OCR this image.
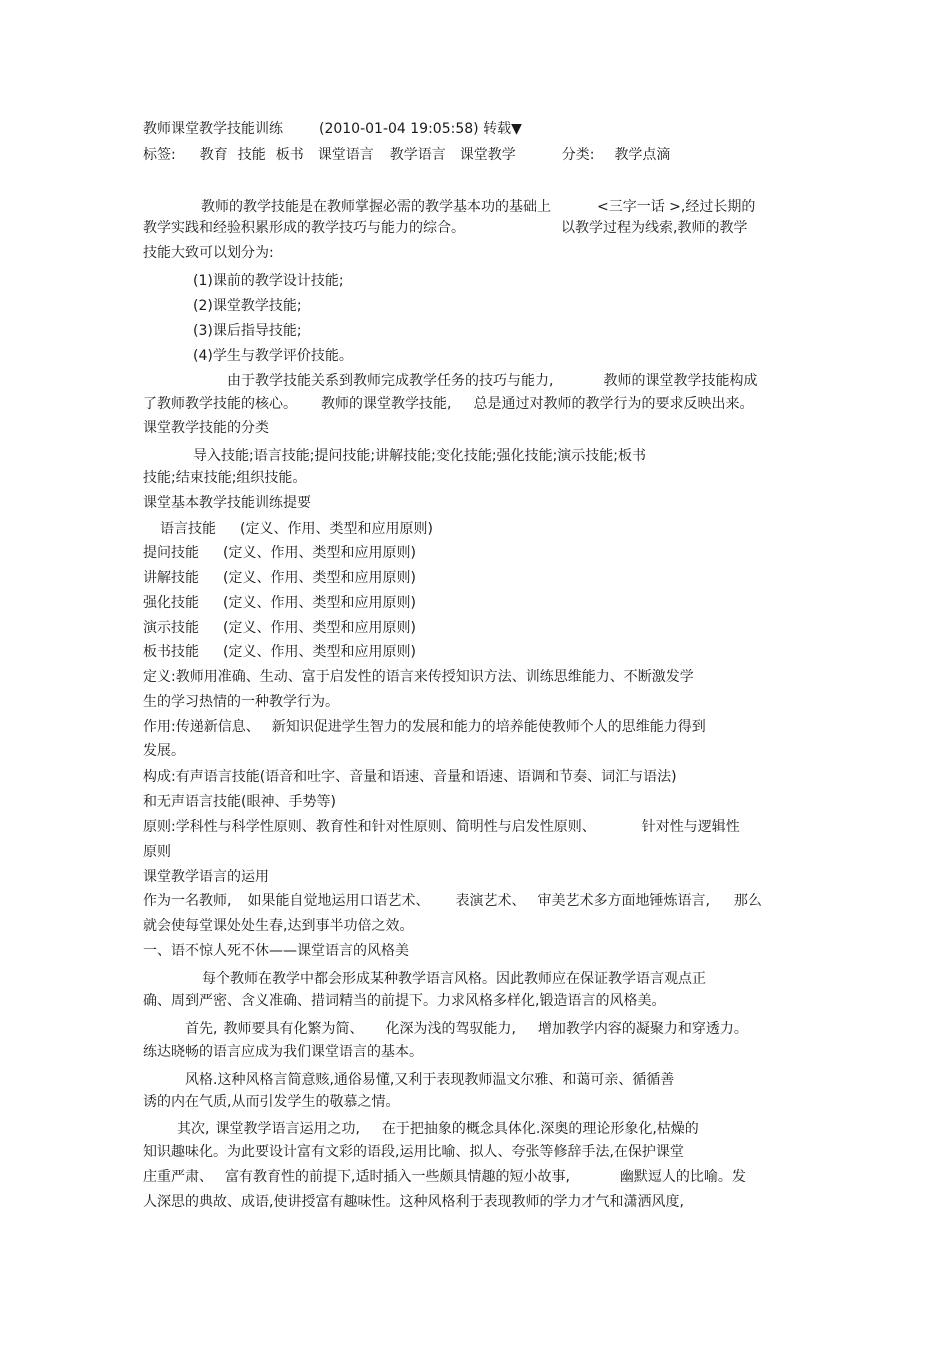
教师课堂教学技能训练	(2010-01-04 19:05:58) 转载▼

标签: 教育 技能 板书 课堂语言 教学语言 课堂教学	分类: 教学点滴

教师的教学技能是在教师掌握必需的教学基本功的基础上	<三字一话 >,经过长期的

教学实践和经验积累形成的教学技巧与能力的综合。	以教学过程为线索,教师的教学

技能大致可以划分为:

(1)课前的教学设计技能;

(2)课堂教学技能;

(3)课后指导技能;

(4)学生与教学评价技能。

由于教学技能关系到教师完成教学任务的技巧与能力,	教师的课堂教学技能构成

了教师教学技能的核心。 教师的课堂教学技能, 总是通过对教师的教学行为的要求反映出来。

课堂教学技能的分类

导入技能;语言技能;提问技能;讲解技能;变化技能;强化技能;演示技能;板书

技能;结束技能;组织技能。

课堂基本教学技能训练提要

语言技能 (定义、作用、类型和应用原则)

提问技能 (定义、作用、类型和应用原则)

讲解技能 (定义、作用、类型和应用原则)

强化技能 (定义、作用、类型和应用原则)

演示技能 (定义、作用、类型和应用原则)

板书技能 (定义、作用、类型和应用原则)

定义:教师用准确、生动、富于启发性的语言来传授知识方法、训练思维能力、不断激发学

生的学习热情的一种教学行为。

作用:传递新信息、 新知识促进学生智力的发展和能力的培养能使教师个人的思维能力得到

发展。

构成:有声语言技能(语音和吐字、音量和语速、音量和语速、语调和节奏、词汇与语法)

和无声语言技能(眼神、手势等)

原则:学科性与科学性原则、教育性和针对性原则、简明性与启发性原则、	针对性与逻辑性

原则

课堂教学语言的运用

作为一名教师, 如果能自觉地运用口语艺术、 表演艺术、 审美艺术多方面地锤炼语言, 那么

就会使每堂课处处生春,达到事半功倍之效。

一、语不惊人死不休——课堂语言的风格美

每个教师在教学中都会形成某种教学语言风格。因此教师应在保证教学语言观点正

确、周到严密、含义准确、措词精当的前提下。力求风格多样化,锻造语言的风格美。

首先, 教师要具有化繁为简、 化深为浅的驾驭能力, 增加教学内容的凝聚力和穿透力。

练达晓畅的语言应成为我们课堂语言的基本。

风格.这种风格言简意赅,通俗易懂,又利于表现教师温文尔雅、和蔼可亲、循循善

诱的内在气质,从而引发学生的敬慕之情。

其次, 课堂教学语言运用之功, 在于把抽象的概念具体化.深奥的理论形象化,枯燥的

知识趣味化。为此要设计富有文彩的语段,运用比喻、拟人、夸张等修辞手法,在保护课堂

庄重严肃、 富有教育性的前提下,适时插入一些颇具情趣的短小故事,	幽默逗人的比喻。发

人深思的典故、成语,使讲授富有趣味性。这种风格利于表现教师的学力才气和潇洒风度,
